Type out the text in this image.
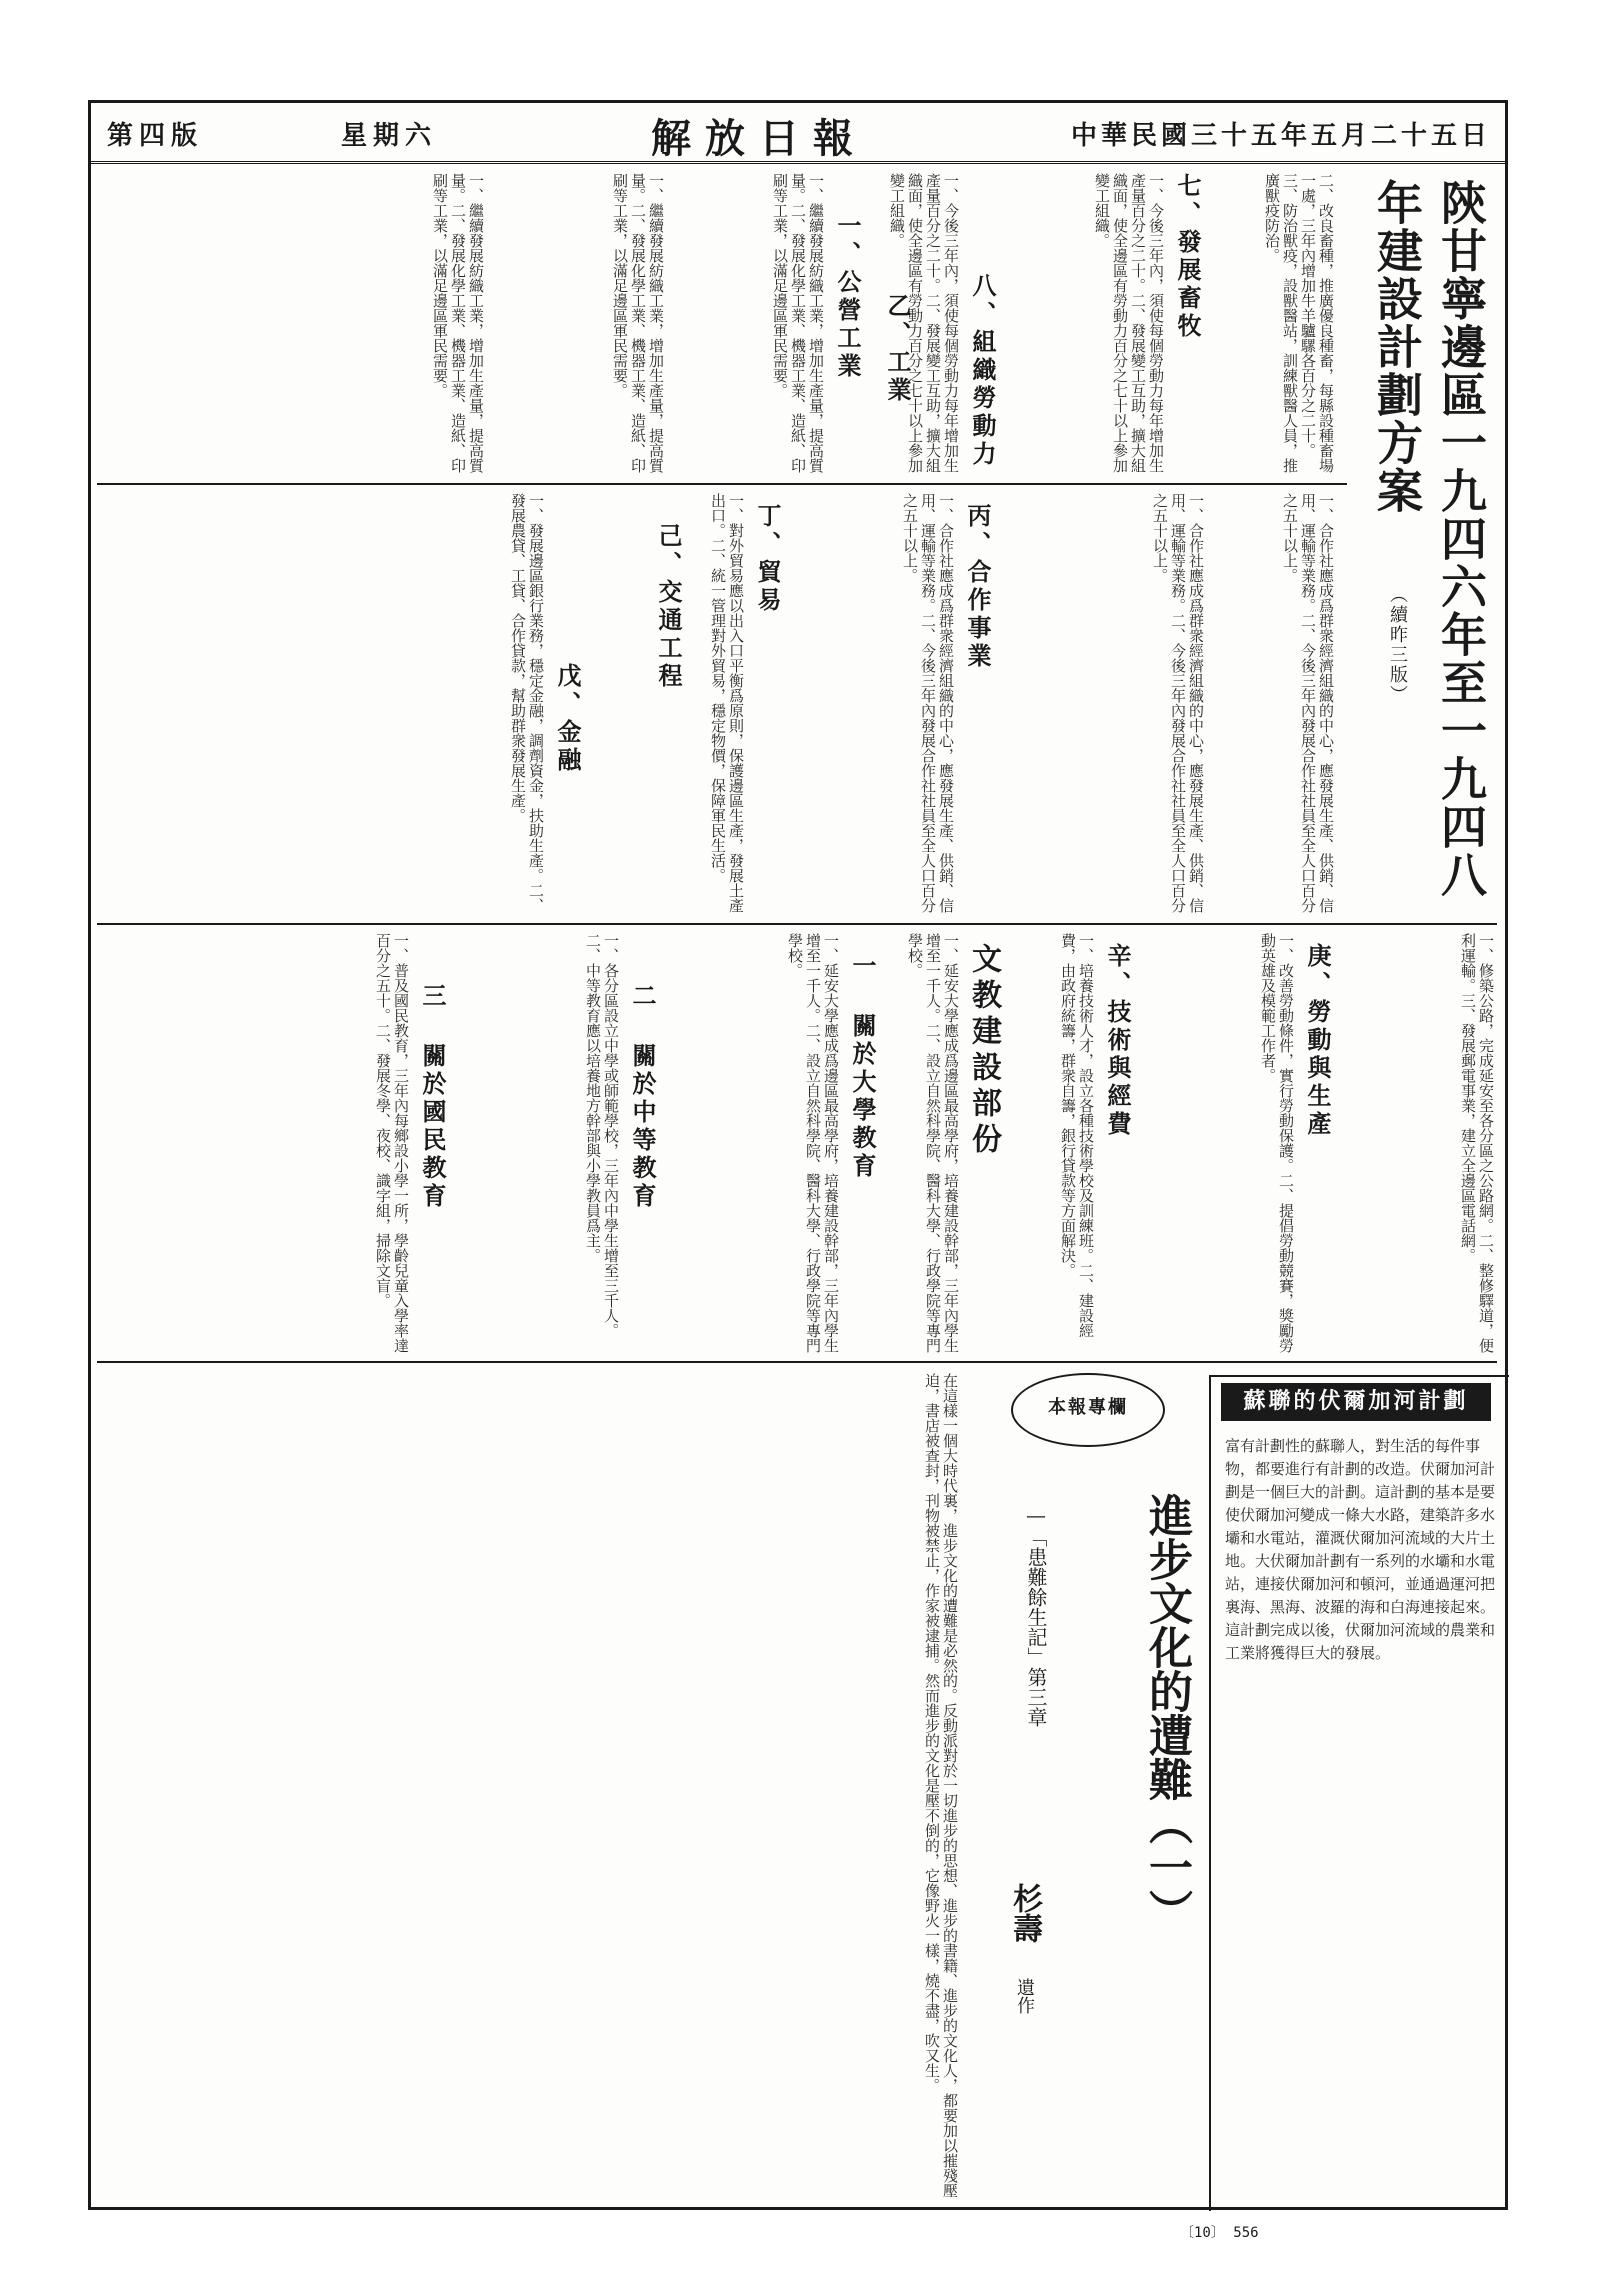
中華民國三十五年五月二十五日
解放日報
星期六
第四版
陝甘寧邊區一九四六年至一九四八年建設計劃方案 （續昨三版）
二、改良畜種，推廣優良種畜，每縣設種畜場一處，三年內增加牛羊驢騾各百分之二十。三、防治獸疫，設獸醫站，訓練獸醫人員，推廣獸疫防治。
七、發展畜牧
一、今後三年內，須使每個勞動力每年增加生產量百分之二十。二、發展變工互助，擴大組織面，使全邊區有勞動力百分之七十以上參加變工組織。
八、組織勞動力
一、今後三年內，須使每個勞動力每年增加生產量百分之二十。二、發展變工互助，擴大組織面，使全邊區有勞動力百分之七十以上參加變工組織。
乙、工業
一、公營工業
一、繼續發展紡織工業，增加生產量，提高質量。二、發展化學工業、機器工業、造紙、印刷等工業，以滿足邊區軍民需要。
一、繼續發展紡織工業，增加生產量，提高質量。二、發展化學工業、機器工業、造紙、印刷等工業，以滿足邊區軍民需要。
一、繼續發展紡織工業，增加生產量，提高質量。二、發展化學工業、機器工業、造紙、印刷等工業，以滿足邊區軍民需要。
一、合作社應成爲群衆經濟組織的中心，應發展生產、供銷、信用、運輸等業務。二、今後三年內發展合作社社員至全人口百分之五十以上。
一、合作社應成爲群衆經濟組織的中心，應發展生產、供銷、信用、運輸等業務。二、今後三年內發展合作社社員至全人口百分之五十以上。
丙、合作事業
一、合作社應成爲群衆經濟組織的中心，應發展生產、供銷、信用、運輸等業務。二、今後三年內發展合作社社員至全人口百分之五十以上。
丁、貿易
一、對外貿易應以出入口平衡爲原則，保護邊區生產，發展土產出口。二、統一管理對外貿易，穩定物價，保障軍民生活。
戊、金融
一、發展邊區銀行業務，穩定金融，調劑資金，扶助生產。二、發展農貸、工貸、合作貸款，幫助群衆發展生產。	己、交通工程
一、修築公路，完成延安至各分區之公路網。二、整修驛道，便利運輸。三、發展郵電事業，建立全邊區電話網。
庚、勞動與生產
一、改善勞動條件，實行勞動保護。二、提倡勞動競賽，獎勵勞動英雄及模範工作者。
辛、技術與經費
一、培養技術人才，設立各種技術學校及訓練班。二、建設經費，由政府統籌，群衆自籌，銀行貸款等方面解決。
文教建設部份
一、延安大學應成爲邊區最高學府，培養建設幹部，三年內學生增至一千人。二、設立自然科學院、醫科大學、行政學院等專門學校。
一 關於大學教育
一、延安大學應成爲邊區最高學府，培養建設幹部，三年內學生增至一千人。二、設立自然科學院、醫科大學、行政學院等專門學校。
二 關於中等教育
一、各分區設立中學或師範學校，三年內中學生增至三千人。二、中等教育應以培養地方幹部與小學教員爲主。
三 關於國民教育
一、普及國民教育，三年內每鄉設小學一所，學齡兒童入學率達百分之五十。二、發展冬學、夜校、識字組，掃除文盲。
蘇聯的伏爾加河計劃
富有計劃性的蘇聯人，對生活的每件事物，都要進行有計劃的改造。伏爾加河計劃是一個巨大的計劃。這計劃的基本是要使伏爾加河變成一條大水路，建築許多水壩和水電站，灌溉伏爾加河流域的大片土地。大伏爾加計劃有一系列的水壩和水電站，連接伏爾加河和頓河，並通過運河把裏海、黑海、波羅的海和白海連接起來。這計劃完成以後，伏爾加河流域的農業和工業將獲得巨大的發展。
本報專欄
進步文化的遭難（一）
—「患難餘生記」第三章
杉壽 遺作
在這樣一個大時代裏，進步文化的遭難是必然的。反動派對於一切進步的思想、進步的書籍、進步的文化人，都要加以摧殘壓迫，書店被查封，刊物被禁止，作家被逮捕。然而進步的文化是壓不倒的，它像野火一樣，燒不盡，吹又生。
〔10〕 556
